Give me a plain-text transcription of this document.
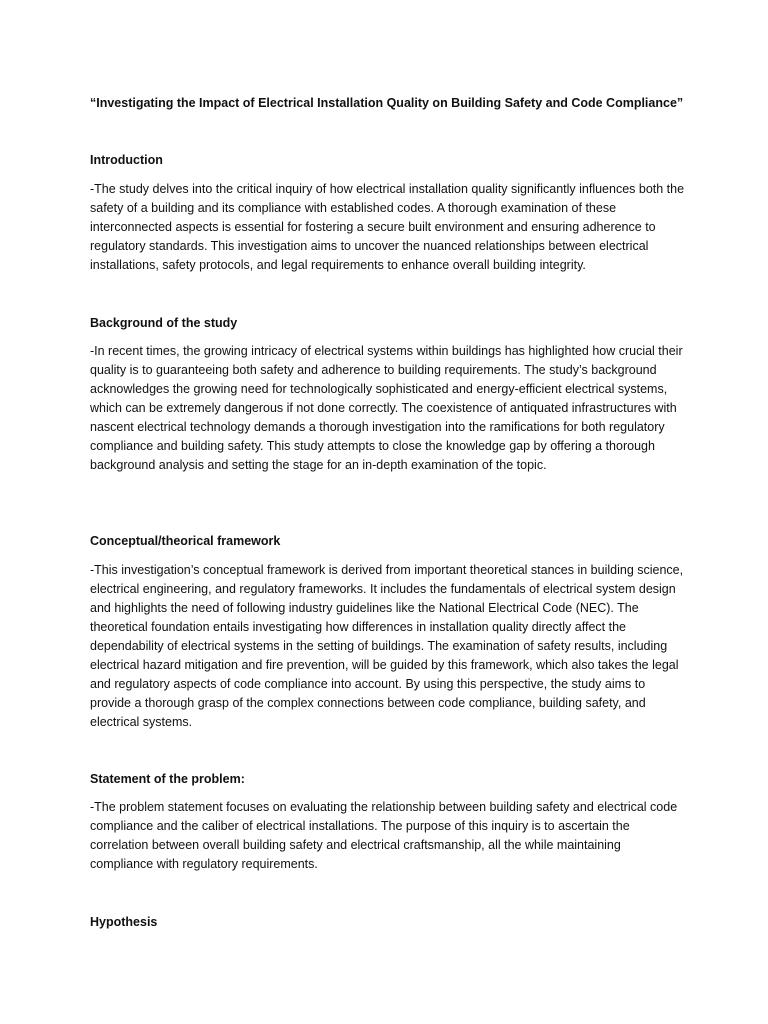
“Investigating the Impact of Electrical Installation Quality on Building Safety and Code Compliance”
Introduction
-The study delves into the critical inquiry of how electrical installation quality significantly influences both the safety of a building and its compliance with established codes. A thorough examination of these interconnected aspects is essential for fostering a secure built environment and ensuring adherence to regulatory standards. This investigation aims to uncover the nuanced relationships between electrical installations, safety protocols, and legal requirements to enhance overall building integrity.
Background of the study
-In recent times, the growing intricacy of electrical systems within buildings has highlighted how crucial their quality is to guaranteeing both safety and adherence to building requirements. The study’s background acknowledges the growing need for technologically sophisticated and energy-efficient electrical systems, which can be extremely dangerous if not done correctly. The coexistence of antiquated infrastructures with nascent electrical technology demands a thorough investigation into the ramifications for both regulatory compliance and building safety. This study attempts to close the knowledge gap by offering a thorough background analysis and setting the stage for an in-depth examination of the topic.
Conceptual/theorical framework
-This investigation’s conceptual framework is derived from important theoretical stances in building science, electrical engineering, and regulatory frameworks. It includes the fundamentals of electrical system design and highlights the need of following industry guidelines like the National Electrical Code (NEC). The theoretical foundation entails investigating how differences in installation quality directly affect the dependability of electrical systems in the setting of buildings. The examination of safety results, including electrical hazard mitigation and fire prevention, will be guided by this framework, which also takes the legal and regulatory aspects of code compliance into account. By using this perspective, the study aims to provide a thorough grasp of the complex connections between code compliance, building safety, and electrical systems.
Statement of the problem:
-The problem statement focuses on evaluating the relationship between building safety and electrical code compliance and the caliber of electrical installations. The purpose of this inquiry is to ascertain the correlation between overall building safety and electrical craftsmanship, all the while maintaining compliance with regulatory requirements.
Hypothesis
